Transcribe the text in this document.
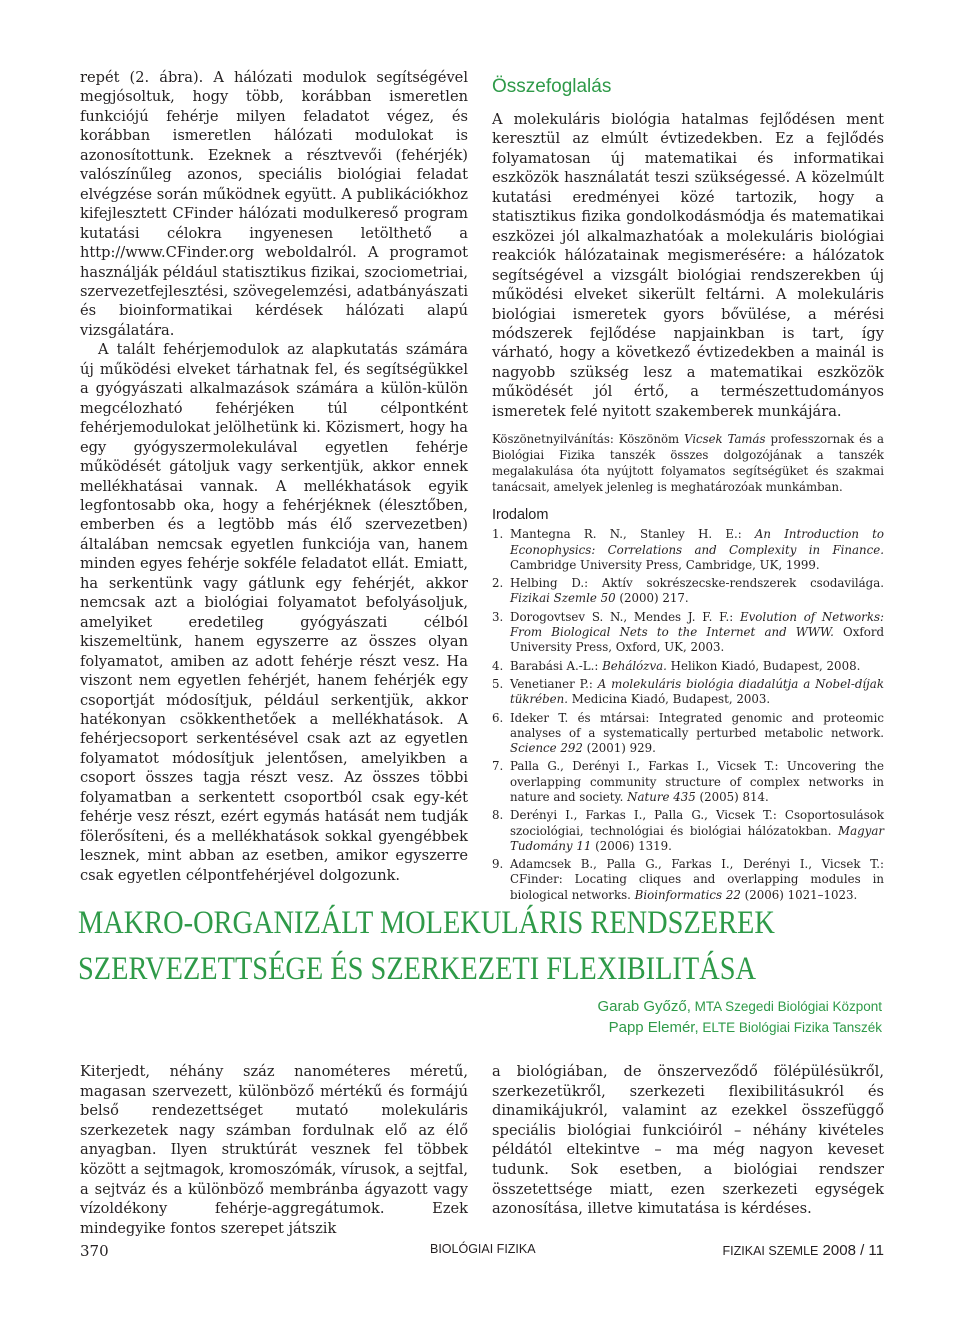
repét (2. ábra). A hálózati modulok segítségével megjósoltuk, hogy több, korábban ismeretlen funkciójú fehérje milyen feladatot végez, és korábban ismeretlen hálózati modulokat is azonosítottunk. Ezeknek a résztvevői (fehérjék) valószínűleg azonos, speciális biológiai feladat elvégzése során működnek együtt. A publikációkhoz kifejlesztett CFinder hálózati modulkereső program kutatási célokra ingyenesen letölthető a http://www.CFinder.org weboldalról. A programot használják például statisztikus fizikai, szociometriai, szervezetfejlesztési, szövegelemzési, adatbányászati és bioinformatikai kérdések hálózati alapú vizsgálatára.

A talált fehérjemodulok az alapkutatás számára új működési elveket tárhatnak fel, és segítségükkel a gyógyászati alkalmazások számára a külön-külön megcélozható fehérjéken túl célpontként fehérjemodulokat jelölhetünk ki. Közismert, hogy ha egy gyógyszermolekulával egyetlen fehérje működését gátoljuk vagy serkentjük, akkor ennek mellékhatásai vannak. A mellékhatások egyik legfontosabb oka, hogy a fehérjéknek (élesztőben, emberben és a legtöbb más élő szervezetben) általában nemcsak egyetlen funkciója van, hanem minden egyes fehérje sokféle feladatot ellát. Emiatt, ha serkentünk vagy gátlunk egy fehérjét, akkor nemcsak azt a biológiai folyamatot befolyásoljuk, amelyiket eredetileg gyógyászati célból kiszemeltünk, hanem egyszerre az összes olyan folyamatot, amiben az adott fehérje részt vesz. Ha viszont nem egyetlen fehérjét, hanem fehérjék egy csoportját módosítjuk, például serkentjük, akkor hatékonyan csökkenthetőek a mellékhatások. A fehérjecsoport serkentésével csak azt az egyetlen folyamatot módosítjuk jelentősen, amelyikben a csoport összes tagja részt vesz. Az összes többi folyamatban a serkentett csoportból csak egy-két fehérje vesz részt, ezért egymás hatását nem tudják fölerősíteni, és a mellékhatások sokkal gyengébbek lesznek, mint abban az esetben, amikor egyszerre csak egyetlen célpontfehérjével dolgozunk.

Összefoglalás

A molekuláris biológia hatalmas fejlődésen ment keresztül az elmúlt évtizedekben. Ez a fejlődés folyamatosan új matematikai és informatikai eszközök használatát teszi szükségessé. A közelmúlt kutatási eredményei közé tartozik, hogy a statisztikus fizika gondolkodásmódja és matematikai eszközei jól alkalmazhatóak a molekuláris biológiai reakciók hálózatainak megismerésére: a hálózatok segítségével a vizsgált biológiai rendszerekben új működési elveket sikerült feltárni. A molekuláris biológiai ismeretek gyors bővülése, a mérési módszerek fejlődése napjainkban is tart, így várható, hogy a következő évtizedekben a mainál is nagyobb szükség lesz a matematikai eszközök működését jól értő, a természettudományos ismeretek felé nyitott szakemberek munkájára.

Köszönetnyilvánítás: Köszönöm Vicsek Tamás professzornak és a Biológiai Fizika tanszék összes dolgozójának a tanszék megalakulása óta nyújtott folyamatos segítségüket és szakmai tanácsait, amelyek jelenleg is meghatározóak munkámban.

Irodalom
1. Mantegna R. N., Stanley H. E.: An Introduction to Econophysics: Correlations and Complexity in Finance. Cambridge University Press, Cambridge, UK, 1999.
2. Helbing D.: Aktív sokrészecske-rendszerek csodavilága. Fizikai Szemle 50 (2000) 217.
3. Dorogovtsev S. N., Mendes J. F. F.: Evolution of Networks: From Biological Nets to the Internet and WWW. Oxford University Press, Oxford, UK, 2003.
4. Barabási A.-L.: Behálózva. Helikon Kiadó, Budapest, 2008.
5. Venetianer P.: A molekuláris biológia diadalútja a Nobel-díjak tükrében. Medicina Kiadó, Budapest, 2003.
6. Ideker T. és mtársai: Integrated genomic and proteomic analyses of a systematically perturbed metabolic network. Science 292 (2001) 929.
7. Palla G., Derényi I., Farkas I., Vicsek T.: Uncovering the overlapping community structure of complex networks in nature and society. Nature 435 (2005) 814.
8. Derényi I., Farkas I., Palla G., Vicsek T.: Csoportosulások szociológiai, technológiai és biológiai hálózatokban. Magyar Tudomány 11 (2006) 1319.
9. Adamcsek B., Palla G., Farkas I., Derényi I., Vicsek T.: CFinder: Locating cliques and overlapping modules in biological networks. Bioinformatics 22 (2006) 1021–1023.
MAKRO-ORGANIZÁLT MOLEKULÁRIS RENDSZEREK
SZERVEZETTSÉGE ÉS SZERKEZETI FLEXIBILITÁSA
Garab Győző, MTA Szegedi Biológiai Központ
Papp Elemér, ELTE Biológiai Fizika Tanszék
Kiterjedt, néhány száz nanométeres méretű, magasan szervezett, különböző mértékű és formájú belső rendezettséget mutató molekuláris szerkezetek nagy számban fordulnak elő az élő anyagban. Ilyen struktúrát vesznek fel többek között a sejtmagok, kromoszómák, vírusok, a sejtfal, a sejtváz és a különböző membránba ágyazott vagy vízoldékony fehérje-aggregátumok. Ezek mindegyike fontos szerepet játszik
a biológiában, de önszerveződő fölépülésükről, szerkezetükről, szerkezeti flexibilitásukról és dinamikájukról, valamint az ezekkel összefüggő speciális biológiai funkcióiról – néhány kivételes példától eltekintve – ma még nagyon keveset tudunk. Sok esetben, a biológiai rendszer összetettsége miatt, ezen szerkezeti egységek azonosítása, illetve kimutatása is kérdéses.
370	BIOLÓGIAI FIZIKA	FIZIKAI SZEMLE 2008 / 11
